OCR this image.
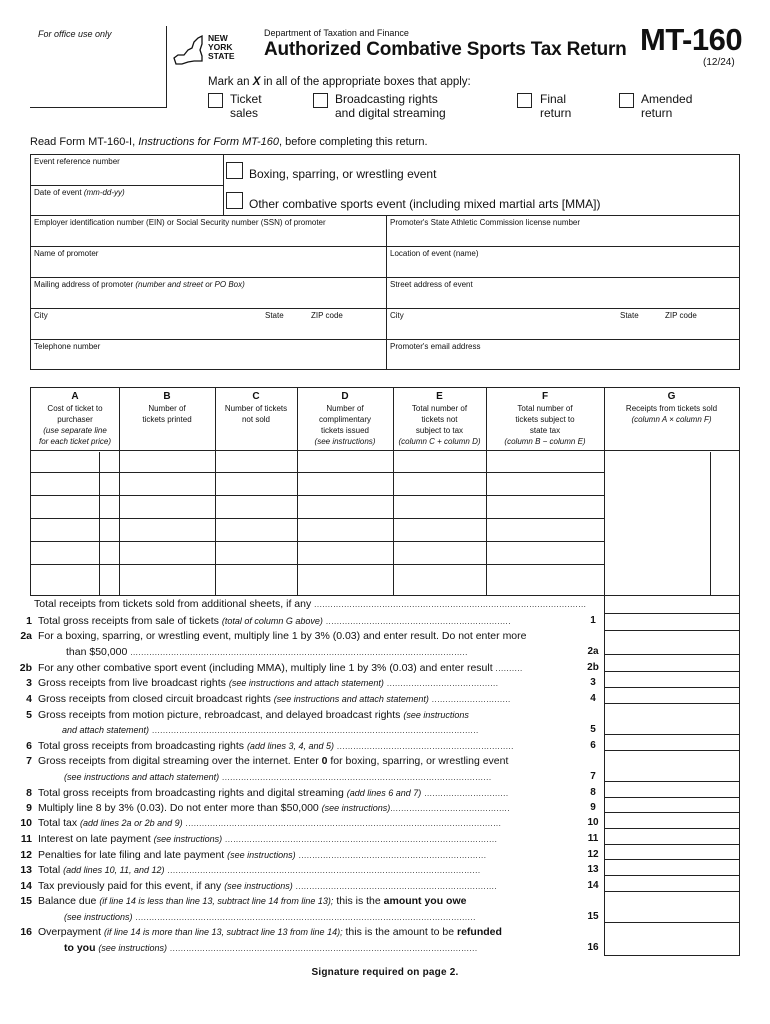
For office use only	NEW
YORK
STATE
Department of Taxation and Finance
Authorized Combative Sports Tax Return MT-160
(12/24)
Mark an X in all of the appropriate boxes that apply:
Ticket
sales
Broadcasting rights
and digital streaming
Final
return
Amended
return
Read Form MT-160-I, Instructions for Form MT-160, before completing this return.
Event reference number
Date of event (mm-dd-yy)
Boxing, sparring, or wrestling event
Other combative sports event (including mixed martial arts [MMA])
Employer identification number (EIN) or Social Security number (SSN) of promoter	Promoter's State Athletic Commission license number
Name of promoter	Location of event (name)
Mailing address of promoter (number and street or PO Box)	Street address of event
City	State	ZIP code	City	State	ZIP code
Telephone number	Promoter's email address
A
Cost of ticket to
purchaser
(use separate line
for each ticket price)
B
Number of
tickets printed
C
Number of tickets
not sold
D
Number of
complimentary
tickets issued
(see instructions)
E
Total number of
tickets not
subject to tax
(column C + column D)
F
Total number of
tickets subject to
state tax
(column B − column E)
G
Receipts from tickets sold
(column A × column F)
Total receipts from tickets sold from additional sheets, if any ....................................................................................................
1 Total gross receipts from sale of tickets (total of column G above) ....................................................................	1
2a For a boxing, sparring, or wrestling event, multiply line 1 by 3% (0.03) and enter result. Do not enter more
than $50,000 ............................................................................................................................	2a
2b For any other combative sport event (including MMA), multiply line 1 by 3% (0.03) and enter result ..........	2b
3 Gross receipts from live broadcast rights (see instructions and attach statement) .........................................	3
4 Gross receipts from closed circuit broadcast rights (see instructions and attach statement) .............................	4
5 Gross receipts from motion picture, rebroadcast, and delayed broadcast rights (see instructions
and attach statement) ........................................................................................................................	5
6 Total gross receipts from broadcasting rights (add lines 3, 4, and 5) .................................................................	6
7 Gross receipts from digital streaming over the internet. Enter 0 for boxing, sparring, or wrestling event
(see instructions and attach statement) ...................................................................................................	7
8 Total gross receipts from broadcasting rights and digital streaming (add lines 6 and 7) ...............................	8
9 Multiply line 8 by 3% (0.03). Do not enter more than $50,000 (see instructions)............................................	9
10 Total tax (add lines 2a or 2b and 9) ....................................................................................................................	10
11 Interest on late payment (see instructions) ....................................................................................................	11
12 Penalties for late filing and late payment (see instructions) .....................................................................	12
13 Total (add lines 10, 11, and 12) ...................................................................................................................	13
14 Tax previously paid for this event, if any (see instructions) ..........................................................................	14
15 Balance due (if line 14 is less than line 13, subtract line 14 from line 13); this is the amount you owe
(see instructions) .............................................................................................................................	15
16 Overpayment (if line 14 is more than line 13, subtract line 13 from line 14); this is the amount to be refunded
to you (see instructions) .................................................................................................................	16
Signature required on page 2.
